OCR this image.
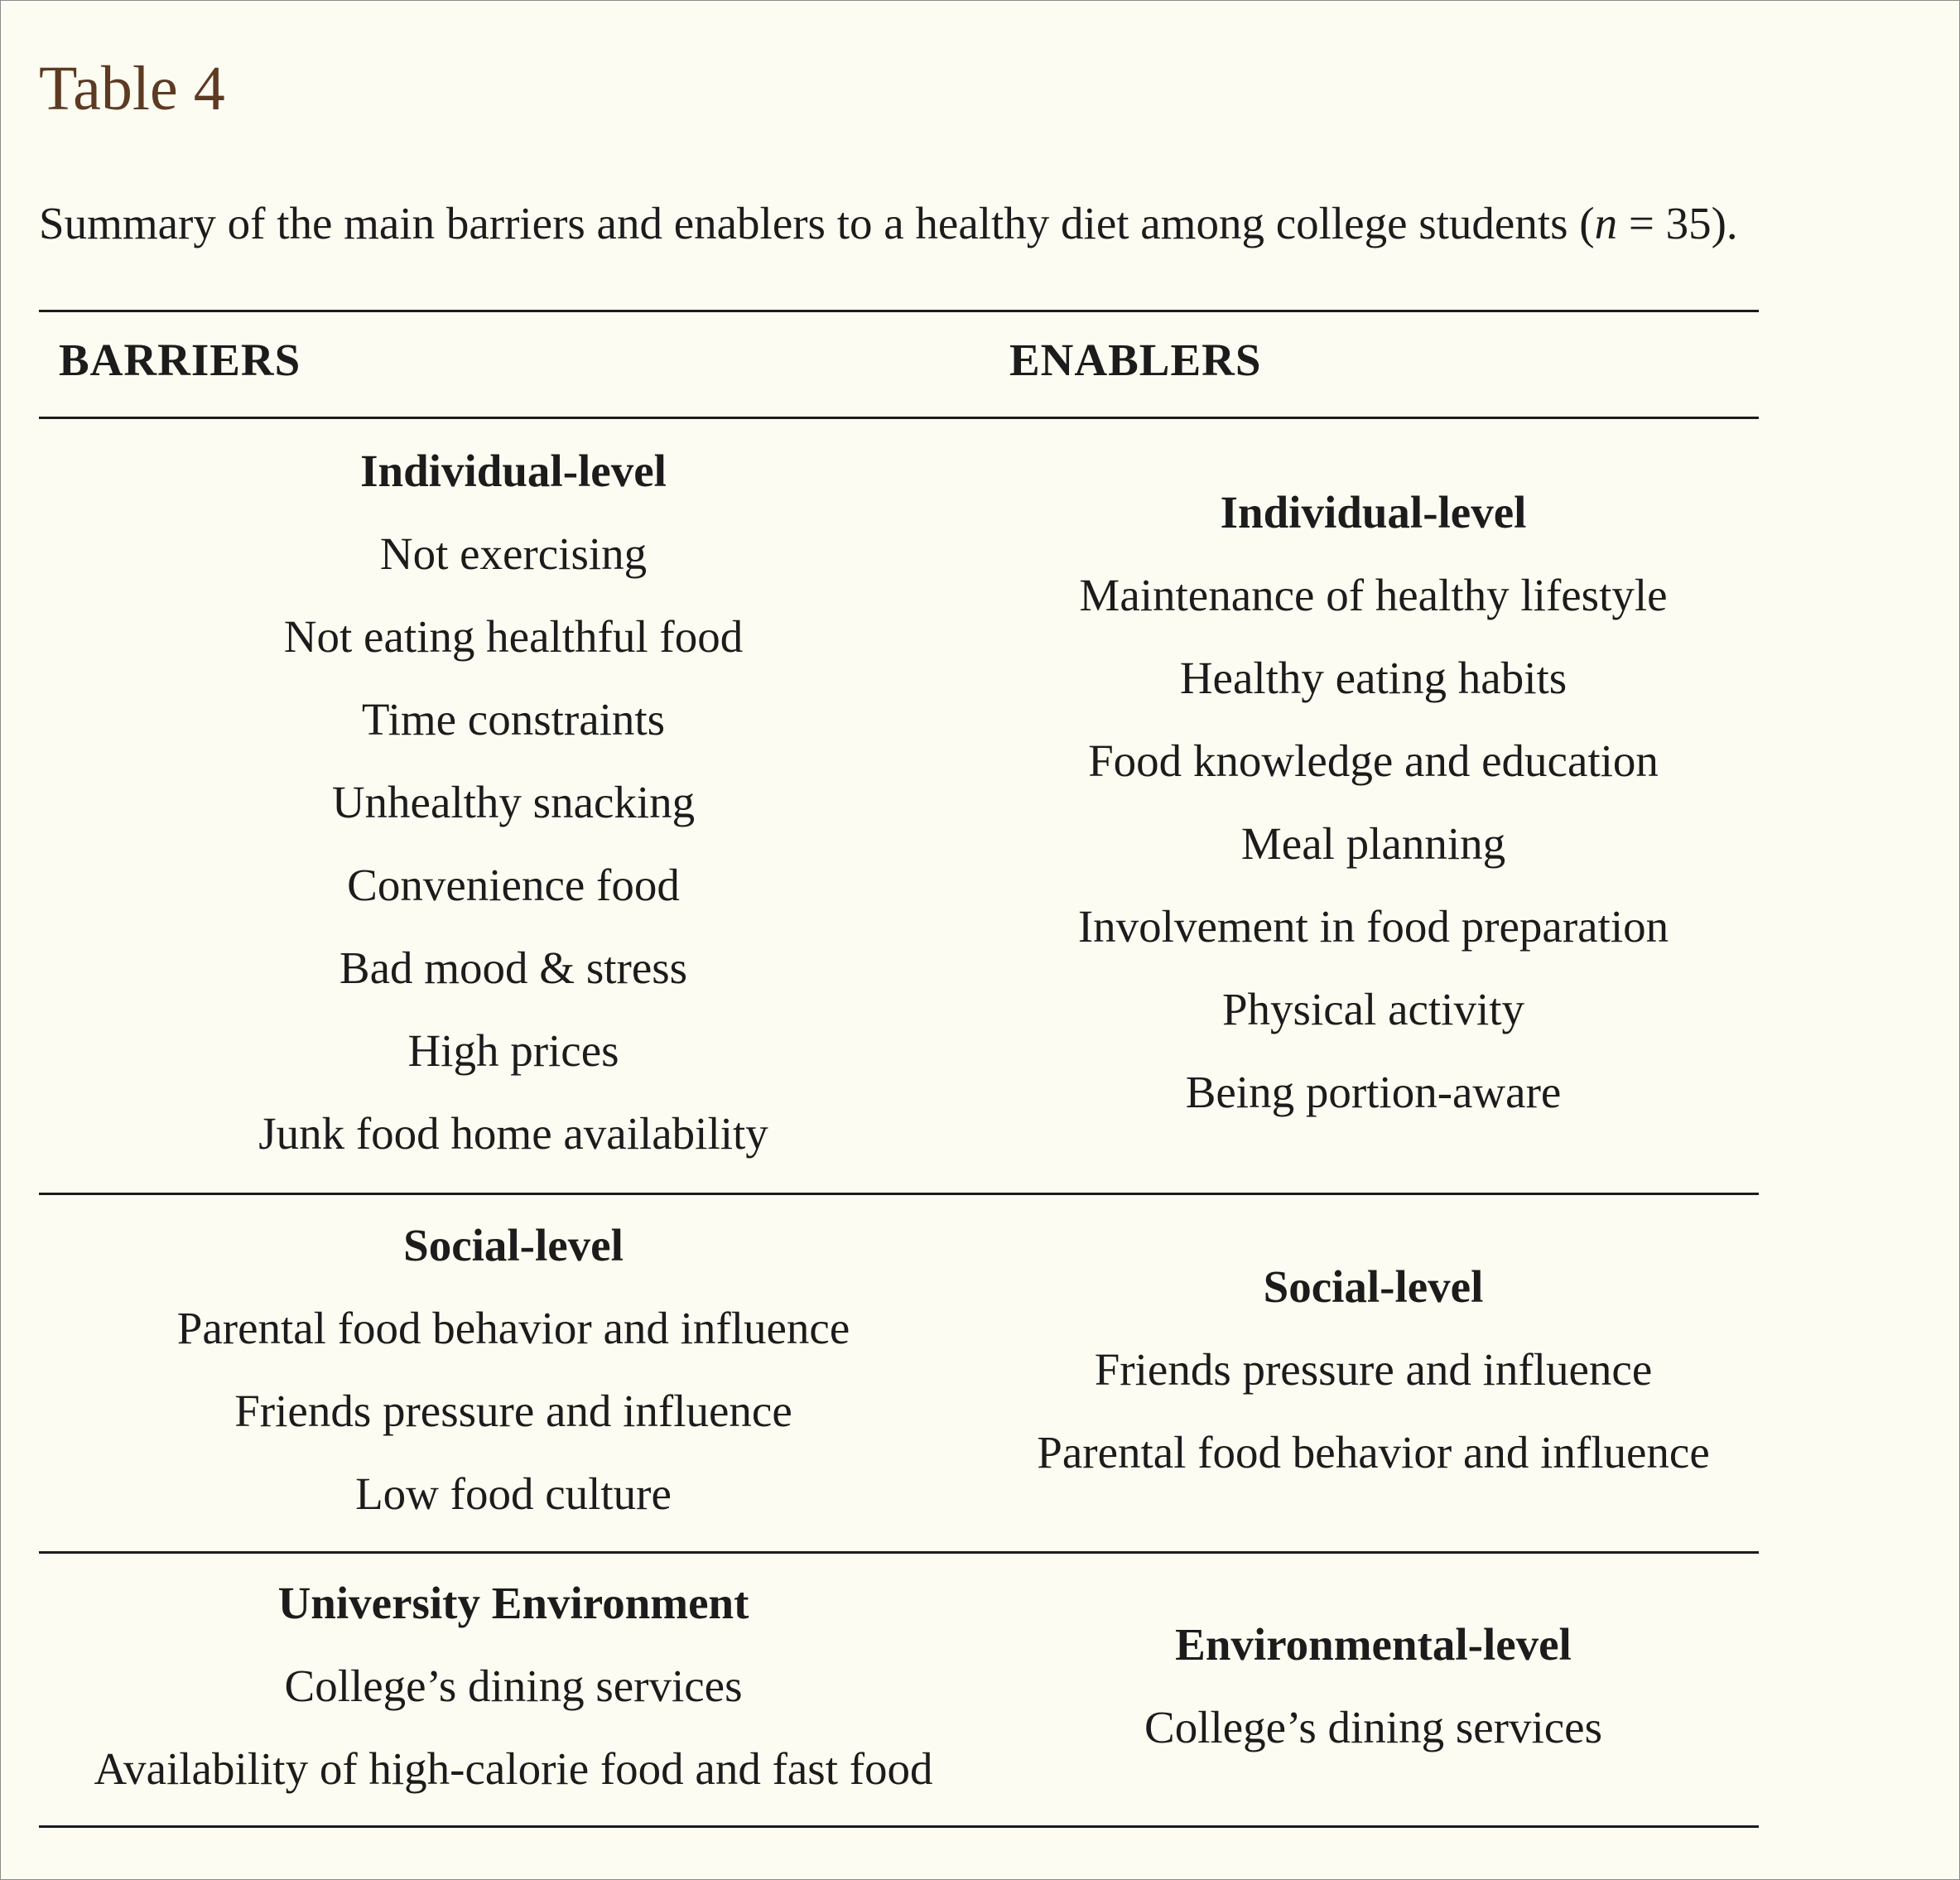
Table 4
Summary of the main barriers and enablers to a healthy diet among college students (n = 35).
BARRIERS	ENABLERS
Individual-level
Not exercising
Not eating healthful food
Time constraints
Unhealthy snacking
Convenience food
Bad mood & stress
High prices
Junk food home availability
Individual-level
Maintenance of healthy lifestyle
Healthy eating habits
Food knowledge and education
Meal planning
Involvement in food preparation
Physical activity
Being portion-aware
Social-level
Parental food behavior and influence
Friends pressure and influence
Low food culture
Social-level
Friends pressure and influence
Parental food behavior and influence
University Environment
College’s dining services
Availability of high-calorie food and fast food
Environmental-level
College’s dining services
